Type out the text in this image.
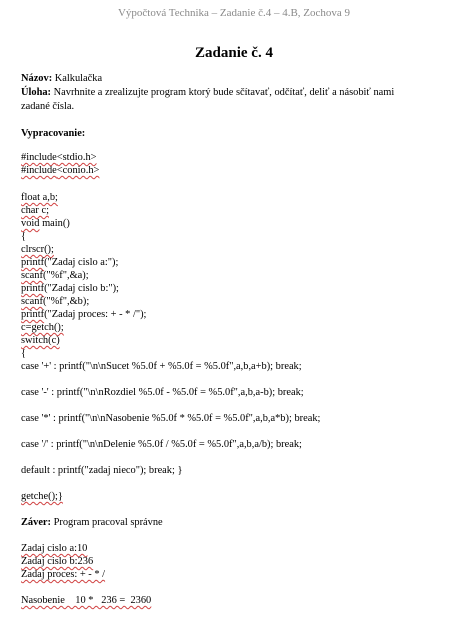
Výpočtová Technika – Zadanie č.4 – 4.B, Zochova 9
Zadanie č. 4
Názov: Kalkulačka
Úloha: Navrhnite a zrealizujte program ktorý bude sčítavať, odčítať, deliť a násobiť nami
zadané čísla.
Vypracovanie:
#include<stdio.h>
#include<conio.h>
float a,b;
char c;
void main()
{
clrscr();
printf("Zadaj cislo a:");
scanf("%f",&a);
printf("Zadaj cislo b:");
scanf("%f",&b);
printf("Zadaj proces: + - * /");
c=getch();
switch(c)
{
case '+' : printf("\n\nSucet %5.0f + %5.0f = %5.0f",a,b,a+b); break;
case '-' : printf("\n\nRozdiel %5.0f - %5.0f = %5.0f",a,b,a-b); break;
case '*' : printf("\n\nNasobenie %5.0f * %5.0f = %5.0f",a,b,a*b); break;
case '/' : printf("\n\nDelenie %5.0f / %5.0f = %5.0f",a,b,a/b); break;
default : printf("zadaj nieco"); break; }
getche();}
Záver: Program pracoval správne
Zadaj cislo a:10
Zadaj cislo b:236
Zadaj proces: + - * /
Nasobenie    10 *   236 =  2360
